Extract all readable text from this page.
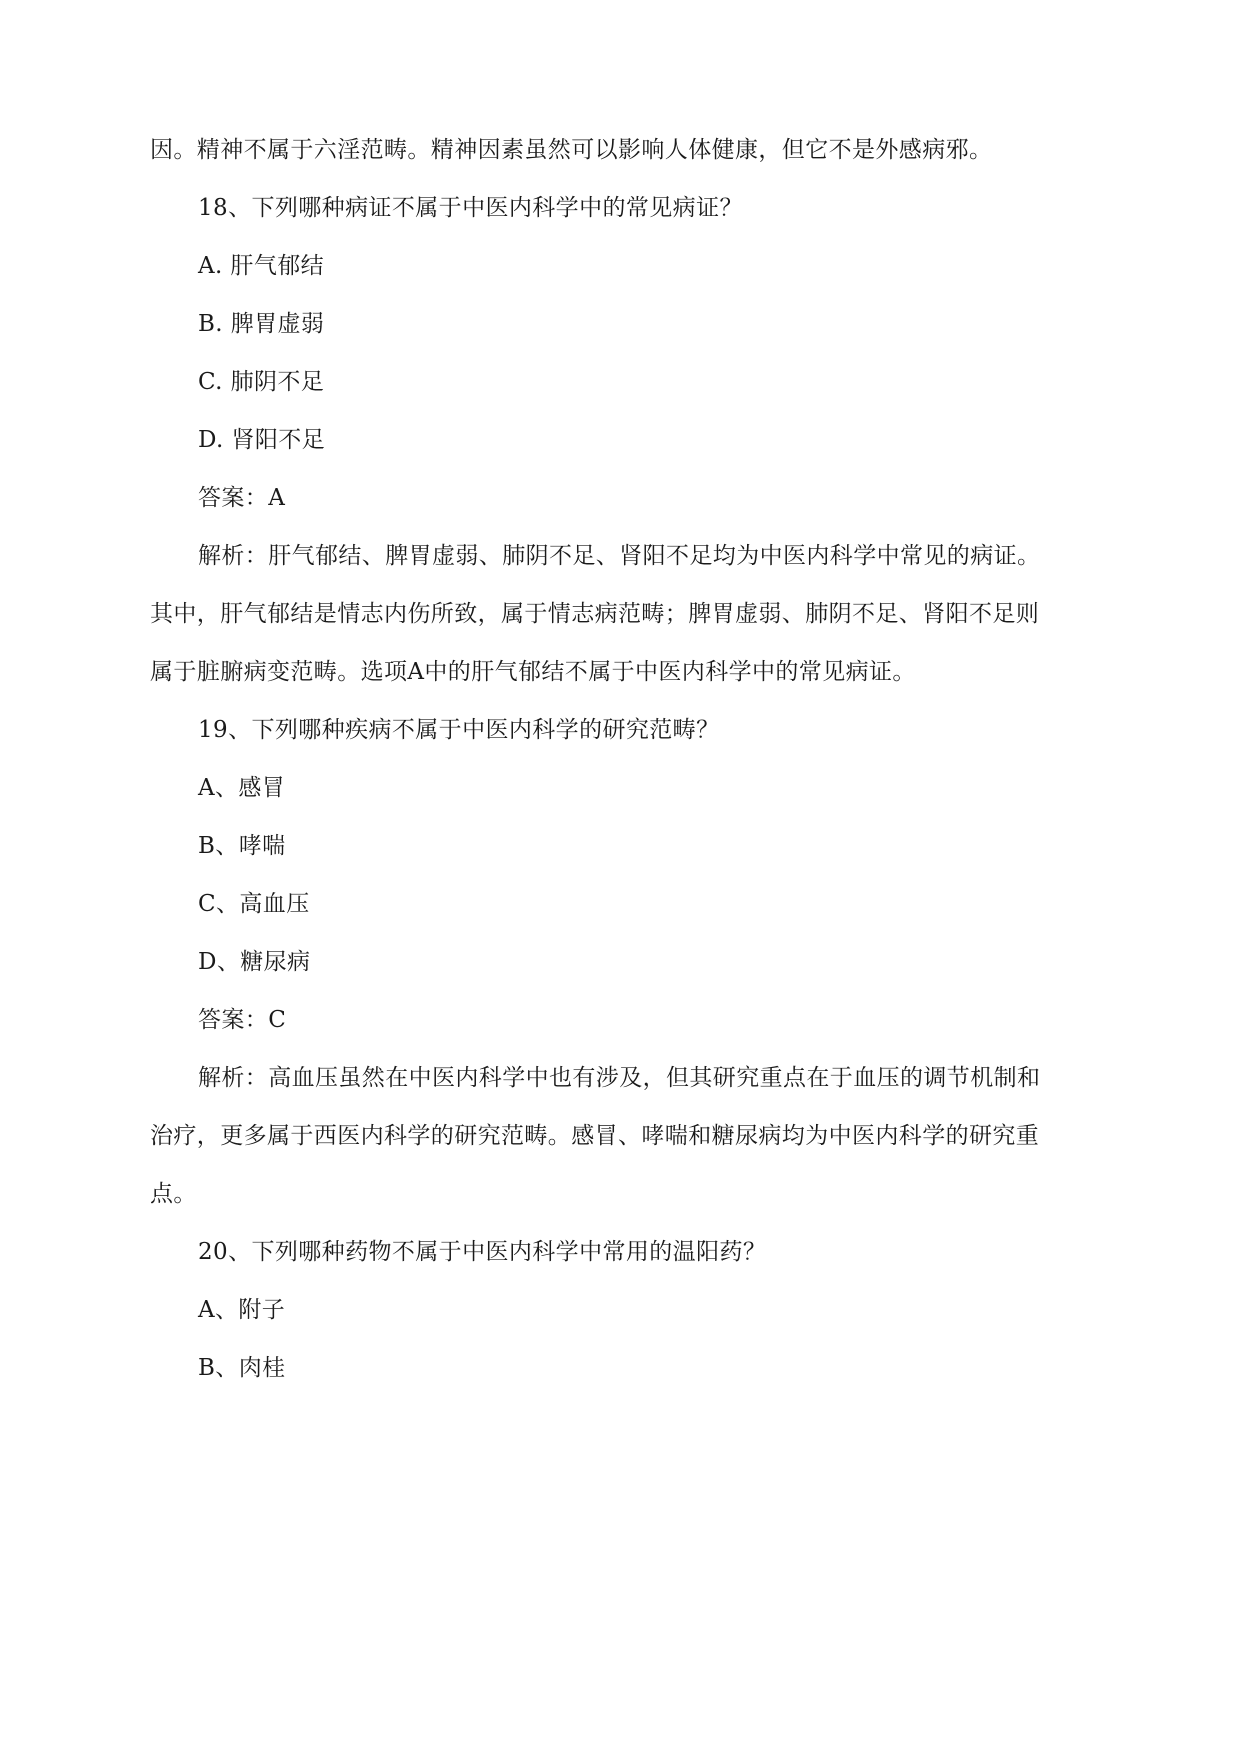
因。精神不属于六淫范畴。精神因素虽然可以影响人体健康，但它不是外感病邪。
18、下列哪种病证不属于中医内科学中的常见病证？
A. 肝气郁结
B. 脾胃虚弱
C. 肺阴不足
D. 肾阳不足
答案：A
解析：肝气郁结、脾胃虚弱、肺阴不足、肾阳不足均为中医内科学中常见的病证。
其中，肝气郁结是情志内伤所致，属于情志病范畴；脾胃虚弱、肺阴不足、肾阳不足则
属于脏腑病变范畴。选项A中的肝气郁结不属于中医内科学中的常见病证。
19、下列哪种疾病不属于中医内科学的研究范畴？
A、感冒
B、哮喘
C、高血压
D、糖尿病
答案：C
解析：高血压虽然在中医内科学中也有涉及，但其研究重点在于血压的调节机制和
治疗，更多属于西医内科学的研究范畴。感冒、哮喘和糖尿病均为中医内科学的研究重
点。
20、下列哪种药物不属于中医内科学中常用的温阳药？
A、附子
B、肉桂
